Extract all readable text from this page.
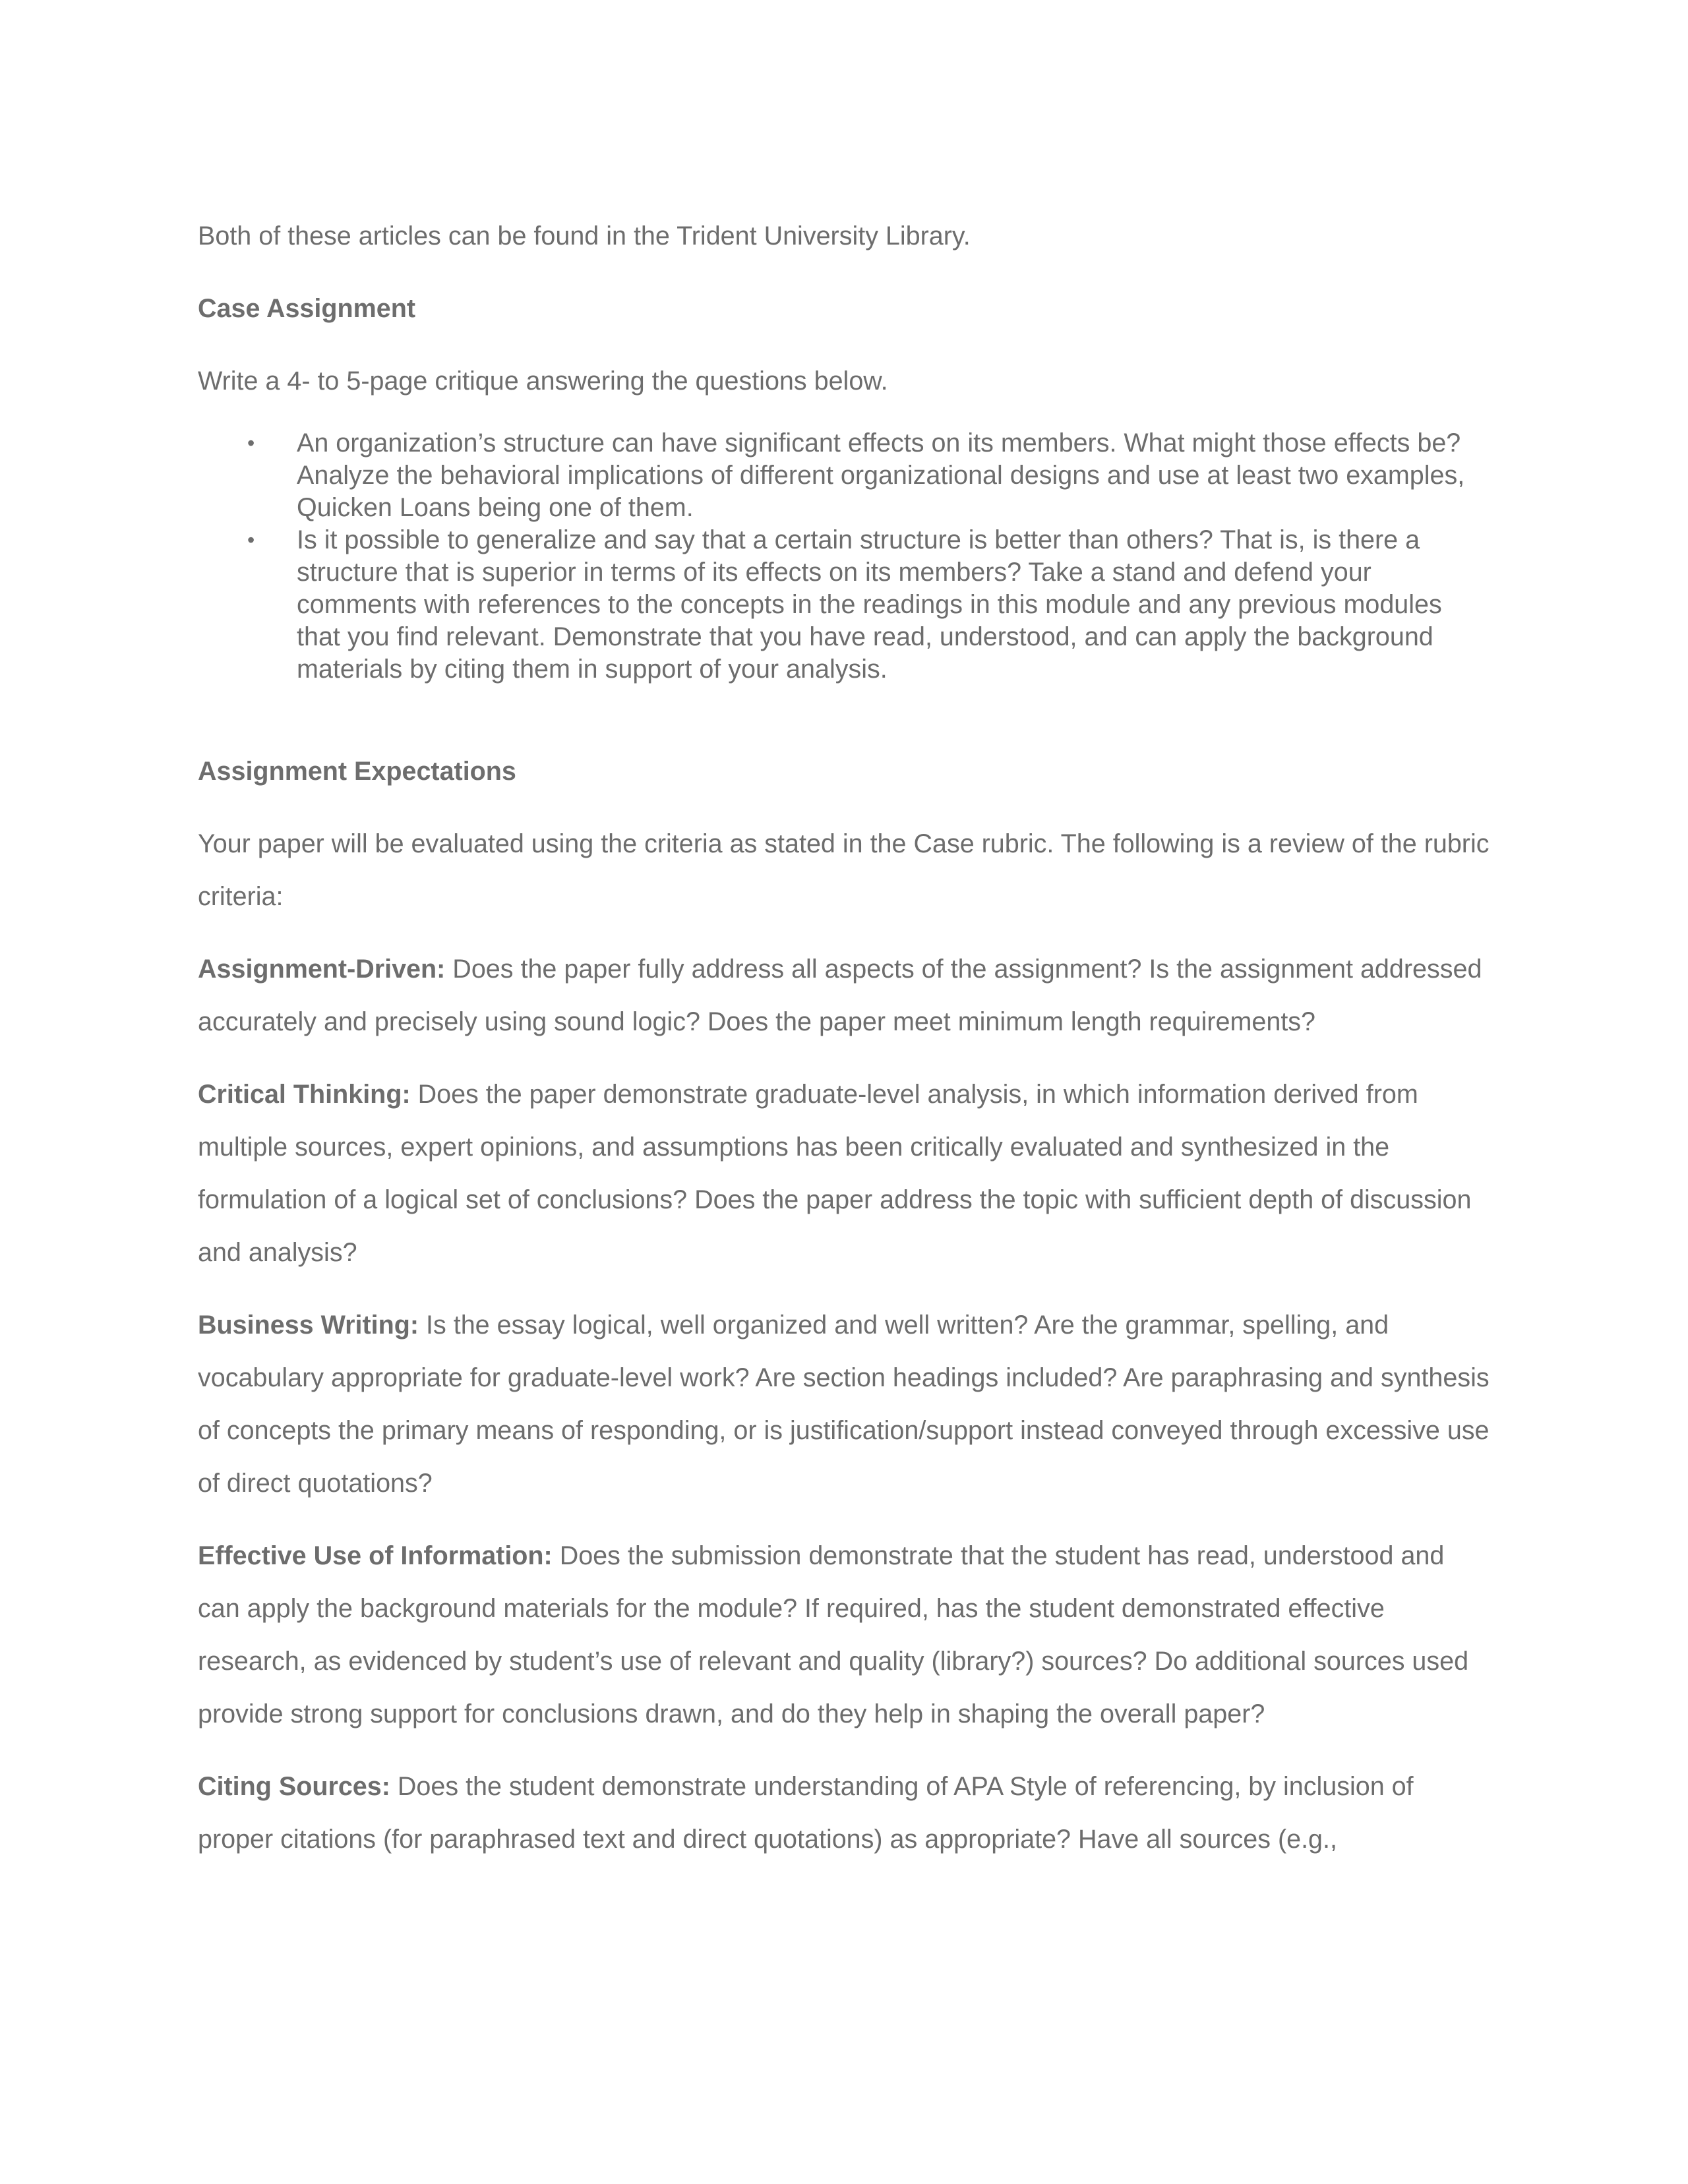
Both of these articles can be found in the Trident University Library.

Case Assignment

Write a 4- to 5-page critique answering the questions below.

• An organization’s structure can have significant effects on its members. What might those effects be? Analyze the behavioral implications of different organizational designs and use at least two examples, Quicken Loans being one of them.
• Is it possible to generalize and say that a certain structure is better than others? That is, is there a structure that is superior in terms of its effects on its members? Take a stand and defend your comments with references to the concepts in the readings in this module and any previous modules that you find relevant. Demonstrate that you have read, understood, and can apply the background materials by citing them in support of your analysis.
Assignment Expectations

Your paper will be evaluated using the criteria as stated in the Case rubric. The following is a review of the rubric criteria:

Assignment-Driven: Does the paper fully address all aspects of the assignment? Is the assignment addressed accurately and precisely using sound logic? Does the paper meet minimum length requirements?

Critical Thinking: Does the paper demonstrate graduate-level analysis, in which information derived from multiple sources, expert opinions, and assumptions has been critically evaluated and synthesized in the formulation of a logical set of conclusions? Does the paper address the topic with sufficient depth of discussion and analysis?

Business Writing: Is the essay logical, well organized and well written? Are the grammar, spelling, and vocabulary appropriate for graduate-level work? Are section headings included? Are paraphrasing and synthesis of concepts the primary means of responding, or is justification/support instead conveyed through excessive use of direct quotations?

Effective Use of Information: Does the submission demonstrate that the student has read, understood and can apply the background materials for the module? If required, has the student demonstrated effective research, as evidenced by student’s use of relevant and quality (library?) sources? Do additional sources used provide strong support for conclusions drawn, and do they help in shaping the overall paper?

Citing Sources: Does the student demonstrate understanding of APA Style of referencing, by inclusion of proper citations (for paraphrased text and direct quotations) as appropriate? Have all sources (e.g.,
